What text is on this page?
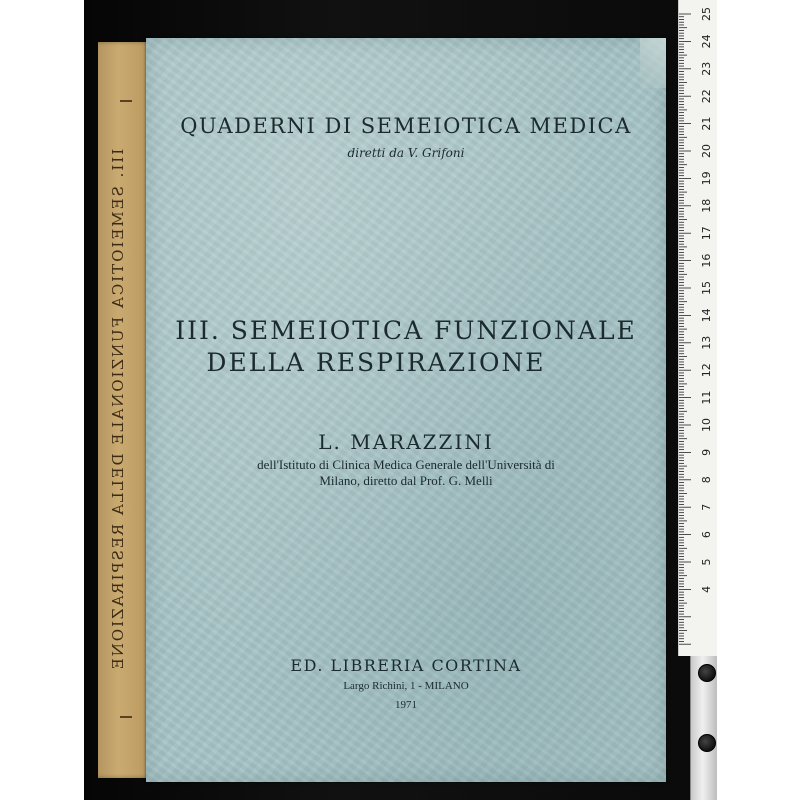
III. SEMEIOTICA FUNZIONALE DELLA RESPIRAZIONE
QUADERNI DI SEMEIOTICA MEDICA
diretti da V. Grifoni
III. SEMEIOTICA FUNZIONALE
DELLA RESPIRAZIONE
L. MARAZZINI
dell'Istituto di Clinica Medica Generale dell'Università di
Milano, diretto dal Prof. G. Melli
ED. LIBRERIA CORTINA
Largo Richini, 1 - MILANO
1971
25
24
23
22
21
20
19
18
17
16
15
14
13
12
11
10
9
8
7
6
5
4
